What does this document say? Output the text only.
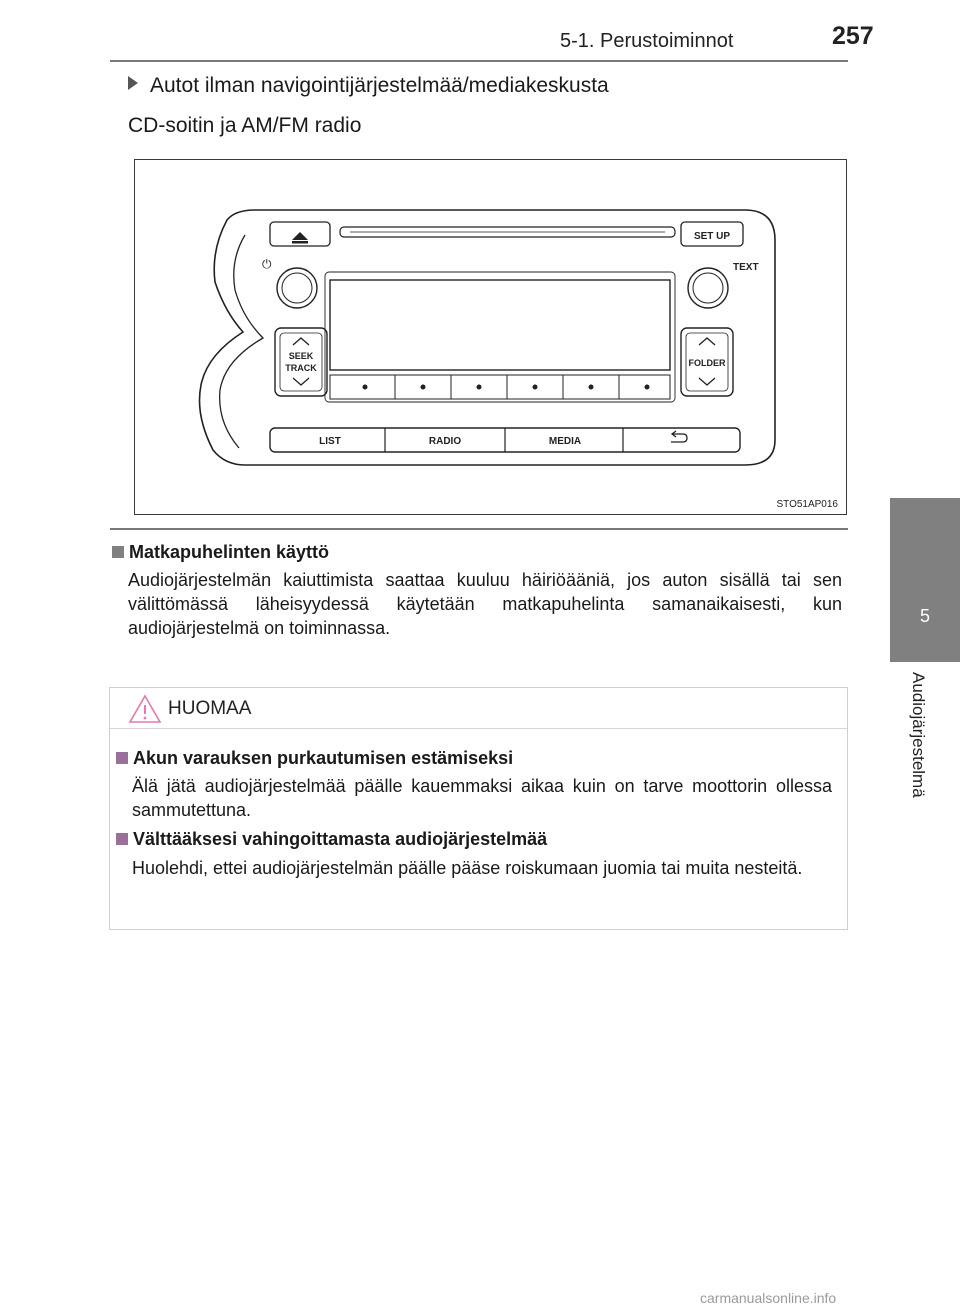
5-1. Perustoiminnot	257
5
Audiojärjestelmä
Autot ilman navigointijärjestelmää/mediakeskusta
CD-soitin ja AM/FM radio
SET UP
⏻	TEXT
SEEK
TRACK	FOLDER
LIST	RADIO	MEDIA
STO51AP016
Matkapuhelinten käyttö
Audiojärjestelmän kaiuttimista saattaa kuuluu häiriöääniä, jos auton sisällä tai sen välittömässä läheisyydessä käytetään matkapuhelinta samanaikaisesti, kun audiojärjestelmä on toiminnassa.
HUOMAA
Akun varauksen purkautumisen estämiseksi
Älä jätä audiojärjestelmää päälle kauemmaksi aikaa kuin on tarve moottorin ollessa sammutettuna.
Välttääksesi vahingoittamasta audiojärjestelmää
Huolehdi, ettei audiojärjestelmän päälle pääse roiskumaan juomia tai muita nesteitä.
carmanualsonline.info
